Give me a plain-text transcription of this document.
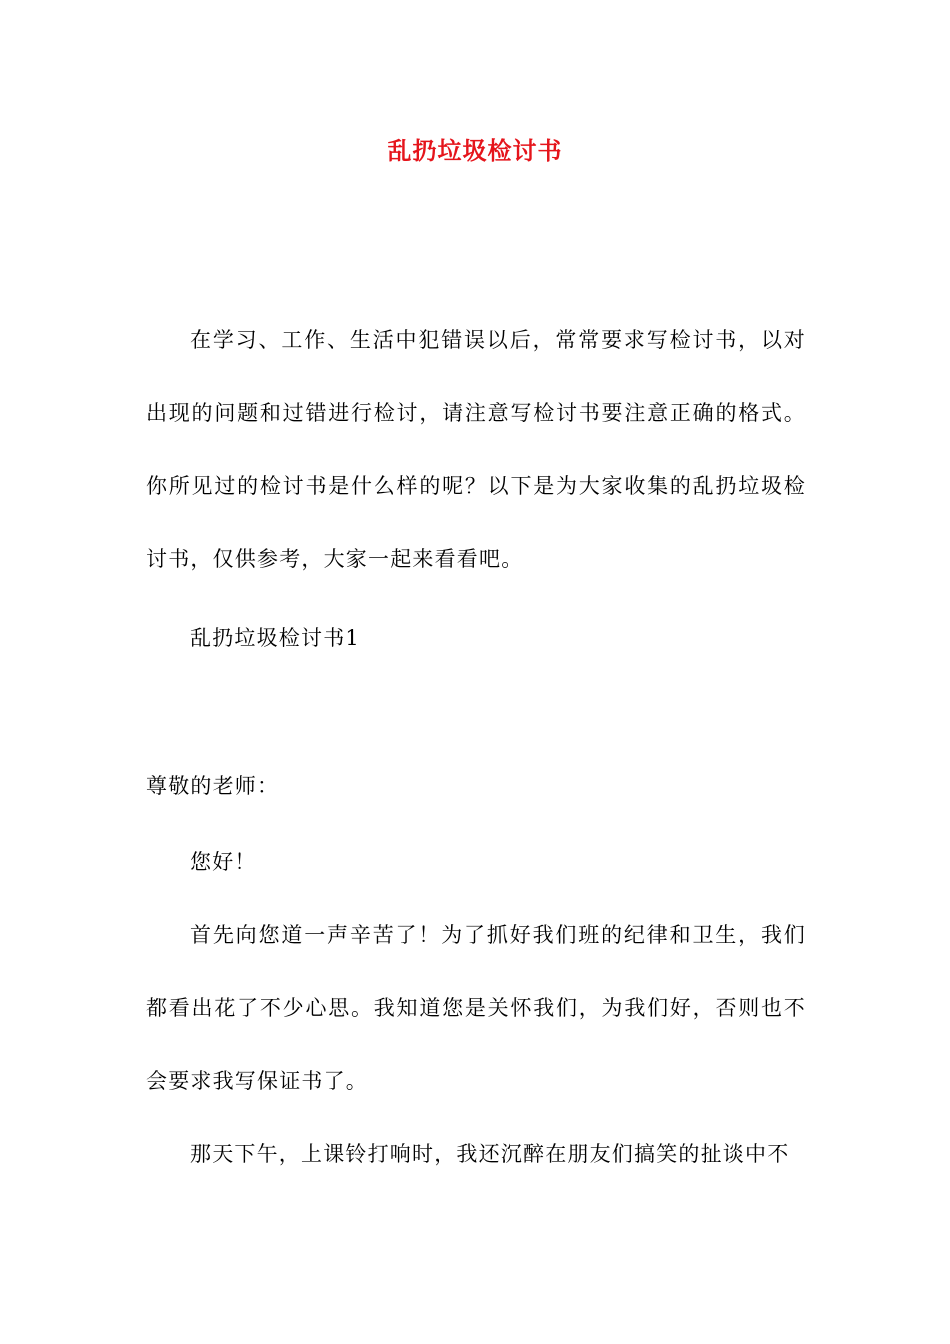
乱扔垃圾检讨书

在学习、工作、生活中犯错误以后，常常要求写检讨书，以对出现的问题和过错进行检讨，请注意写检讨书要注意正确的格式。你所见过的检讨书是什么样的呢？以下是为大家收集的乱扔垃圾检讨书，仅供参考，大家一起来看看吧。

乱扔垃圾检讨书1

尊敬的老师：

您好！

首先向您道一声辛苦了！为了抓好我们班的纪律和卫生，我们都看出花了不少心思。我知道您是关怀我们，为我们好，否则也不会要求我写保证书了。

那天下午，上课铃打响时，我还沉醉在朋友们搞笑的扯谈中不
